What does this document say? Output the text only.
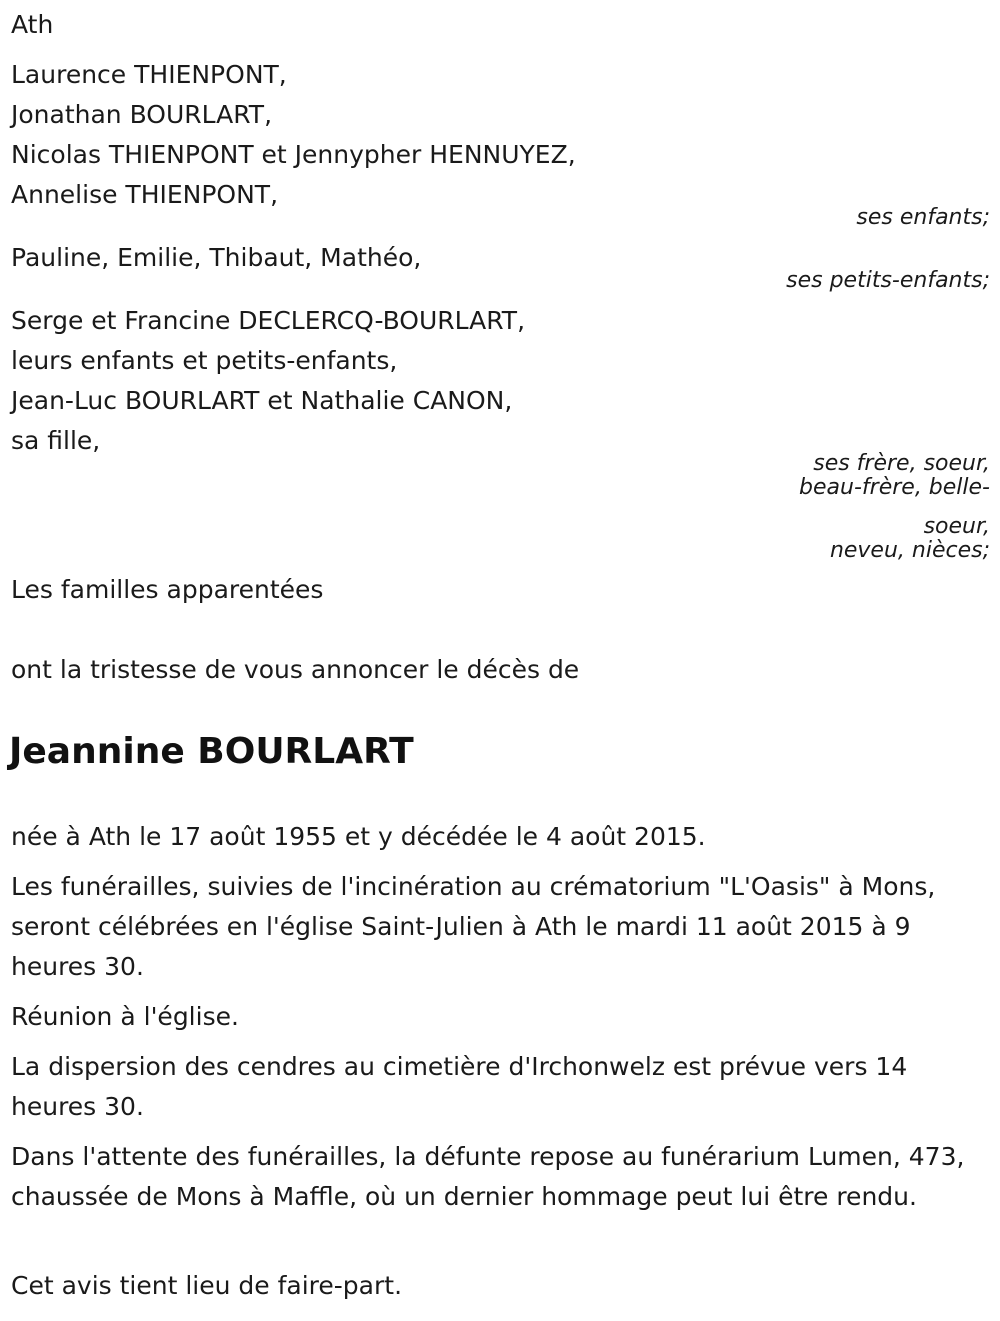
Ath

Laurence THIENPONT,

Jonathan BOURLART,

Nicolas THIENPONT et Jennypher HENNUYEZ,

Annelise THIENPONT,

ses enfants;

Pauline, Emilie, Thibaut, Mathéo,

ses petits-enfants;

Serge et Francine DECLERCQ-BOURLART,

leurs enfants et petits-enfants,

Jean-Luc BOURLART et Nathalie CANON,

sa fille,

ses frère, soeur,

beau-frère, belle-

soeur,

neveu, nièces;

Les familles apparentées

ont la tristesse de vous annoncer le décès de

Jeannine BOURLART

née à Ath le 17 août 1955 et y décédée le 4 août 2015.

Les funérailles, suivies de l'incinération au crématorium "L'Oasis" à Mons, seront célébrées en l'église Saint-Julien à Ath le mardi 11 août 2015 à 9 heures 30.

Réunion à l'église.

La dispersion des cendres au cimetière d'Irchonwelz est prévue vers 14 heures 30.

Dans l'attente des funérailles, la défunte repose au funérarium Lumen, 473, chaussée de Mons à Maffle, où un dernier hommage peut lui être rendu.

Cet avis tient lieu de faire-part.
